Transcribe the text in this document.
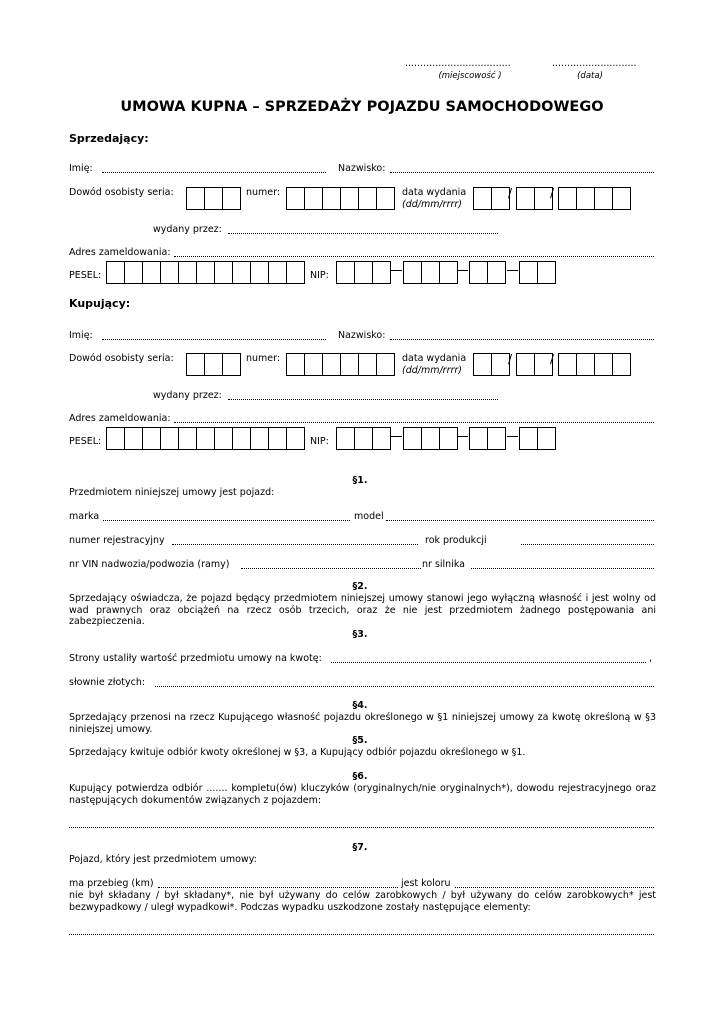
...................................	............................
(miejscowość )	(data)
UMOWA KUPNA – SPRZEDAŻY POJAZDU SAMOCHODOWEGO
Sprzedający:
Imię:	Nazwisko:
Dowód osobisty seria:	numer:	data wydania
(dd/mm/rrrr)
/	/
wydany przez:
Adres zameldowania:
PESEL:	NIP:
Kupujący:
Imię:	Nazwisko:
Dowód osobisty seria:	numer:	data wydania
(dd/mm/rrrr)
/	/
wydany przez:
Adres zameldowania:
PESEL:	NIP:
§1.
Przedmiotem niniejszej umowy jest pojazd:
marka	model
numer rejestracyjny	rok produkcji
nr VIN nadwozia/podwozia (ramy)	nr silnika
§2.
Sprzedający oświadcza, że pojazd będący przedmiotem niniejszej umowy stanowi jego wyłączną własność i jest wolny od wad prawnych oraz obciążeń na rzecz osób trzecich, oraz że nie jest przedmiotem żadnego postępowania ani zabezpieczenia.
§3.
Strony ustaliły wartość przedmiotu umowy na kwotę:	,
słownie złotych:
§4.
Sprzedający przenosi na rzecz Kupującego własność pojazdu określonego w §1 niniejszej umowy za kwotę określoną w §3 niniejszej umowy.
§5.
Sprzedający kwituje odbiór kwoty określonej w §3, a Kupujący odbiór pojazdu określonego w §1.
§6.
Kupujący potwierdza odbiór ....... kompletu(ów) kluczyków (oryginalnych/nie oryginalnych*), dowodu rejestracyjnego oraz następujących dokumentów związanych z pojazdem:
§7.
Pojazd, który jest przedmiotem umowy:
ma przebieg (km)	jest koloru
nie był składany / był składany*, nie był używany do celów zarobkowych / był używany do celów zarobkowych* jest bezwypadkowy / uległ wypadkowi*. Podczas wypadku uszkodzone zostały następujące elementy:
